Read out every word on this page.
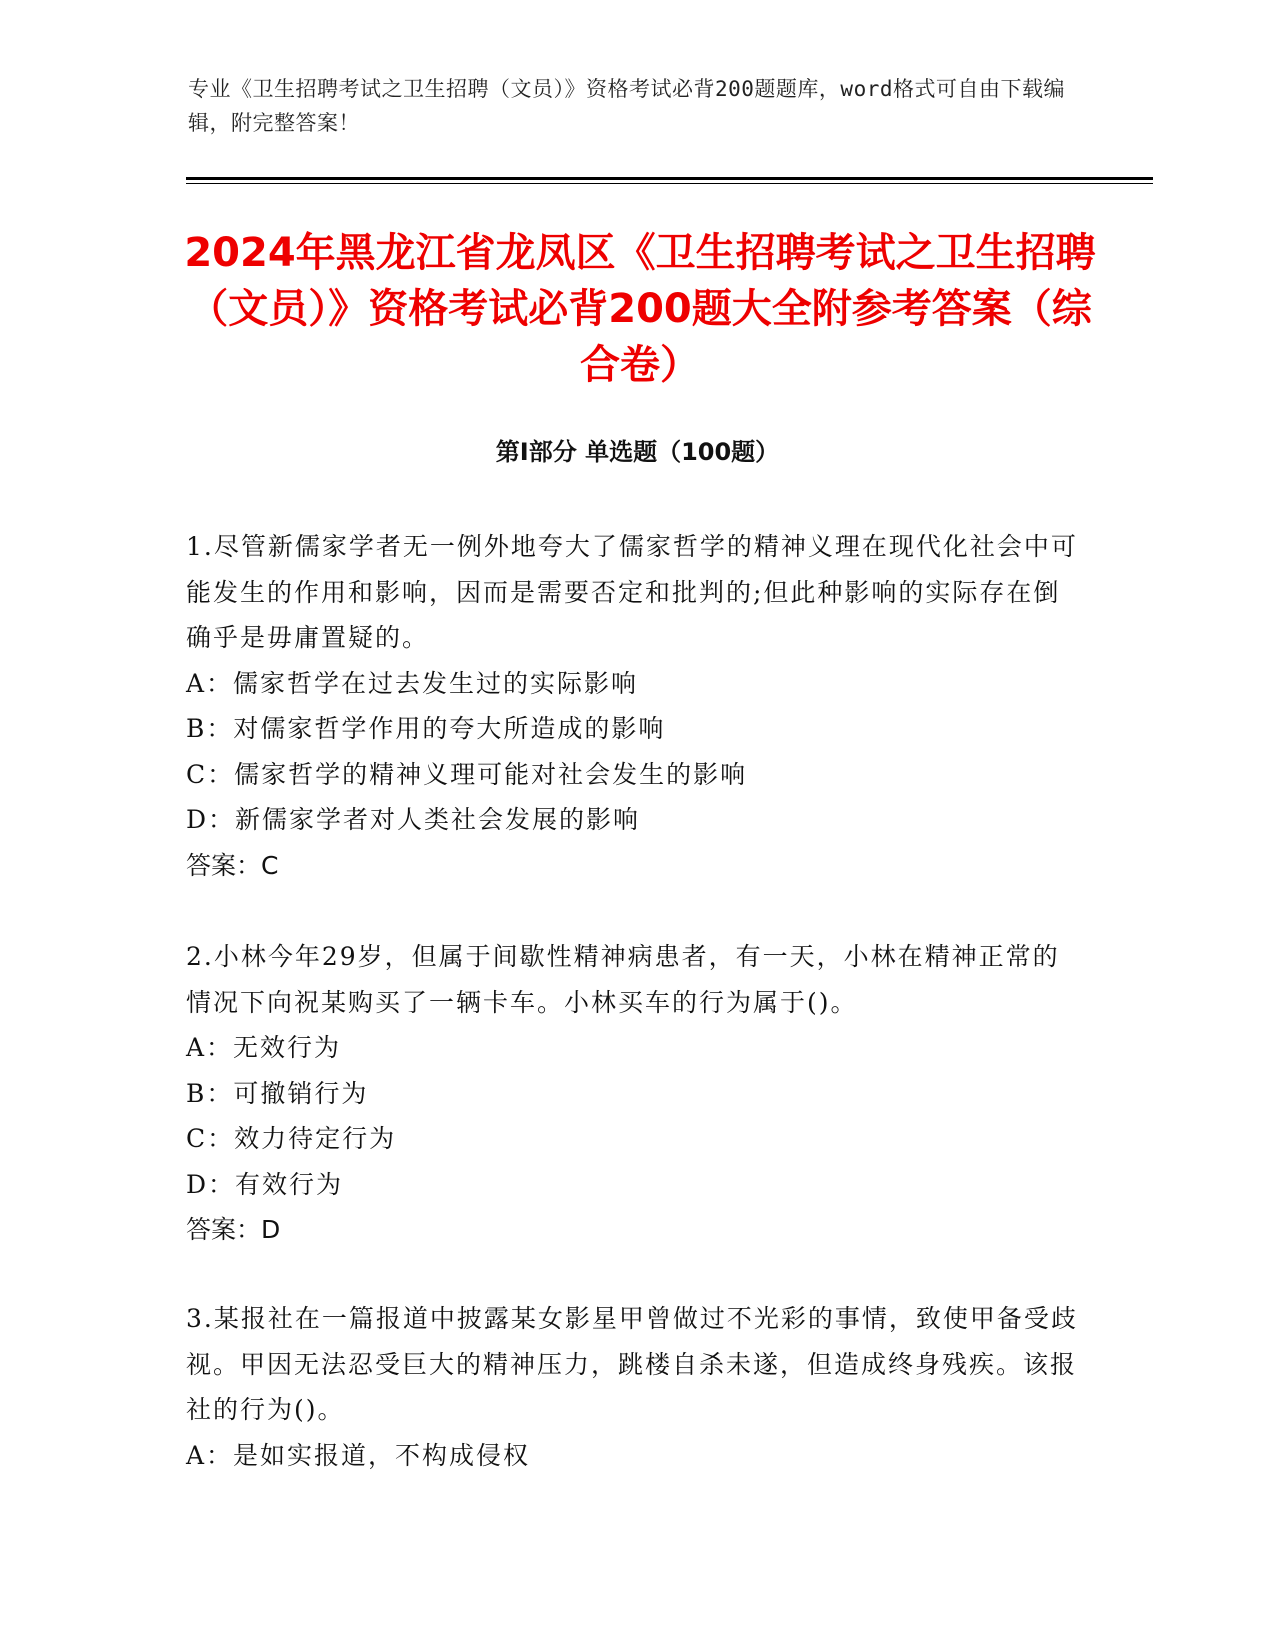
专业《卫生招聘考试之卫生招聘（文员）》资格考试必背200题题库，word格式可自由下载编辑，附完整答案！
2024年黑龙江省龙凤区《卫生招聘考试之卫生招聘（文员）》资格考试必背200题大全附参考答案（综合卷）
第Ⅰ部分 单选题（100题）

1.尽管新儒家学者无一例外地夸大了儒家哲学的精神义理在现代化社会中可能发生的作用和影响，因而是需要否定和批判的;但此种影响的实际存在倒确乎是毋庸置疑的。

A：儒家哲学在过去发生过的实际影响

B：对儒家哲学作用的夸大所造成的影响

C：儒家哲学的精神义理可能对社会发生的影响

D：新儒家学者对人类社会发展的影响

答案：C

2.小林今年29岁，但属于间歇性精神病患者，有一天，小林在精神正常的情况下向祝某购买了一辆卡车。小林买车的行为属于()。

A：无效行为

B：可撤销行为

C：效力待定行为

D：有效行为

答案：D

3.某报社在一篇报道中披露某女影星甲曾做过不光彩的事情，致使甲备受歧视。甲因无法忍受巨大的精神压力，跳楼自杀未遂，但造成终身残疾。该报社的行为()。

A：是如实报道，不构成侵权
